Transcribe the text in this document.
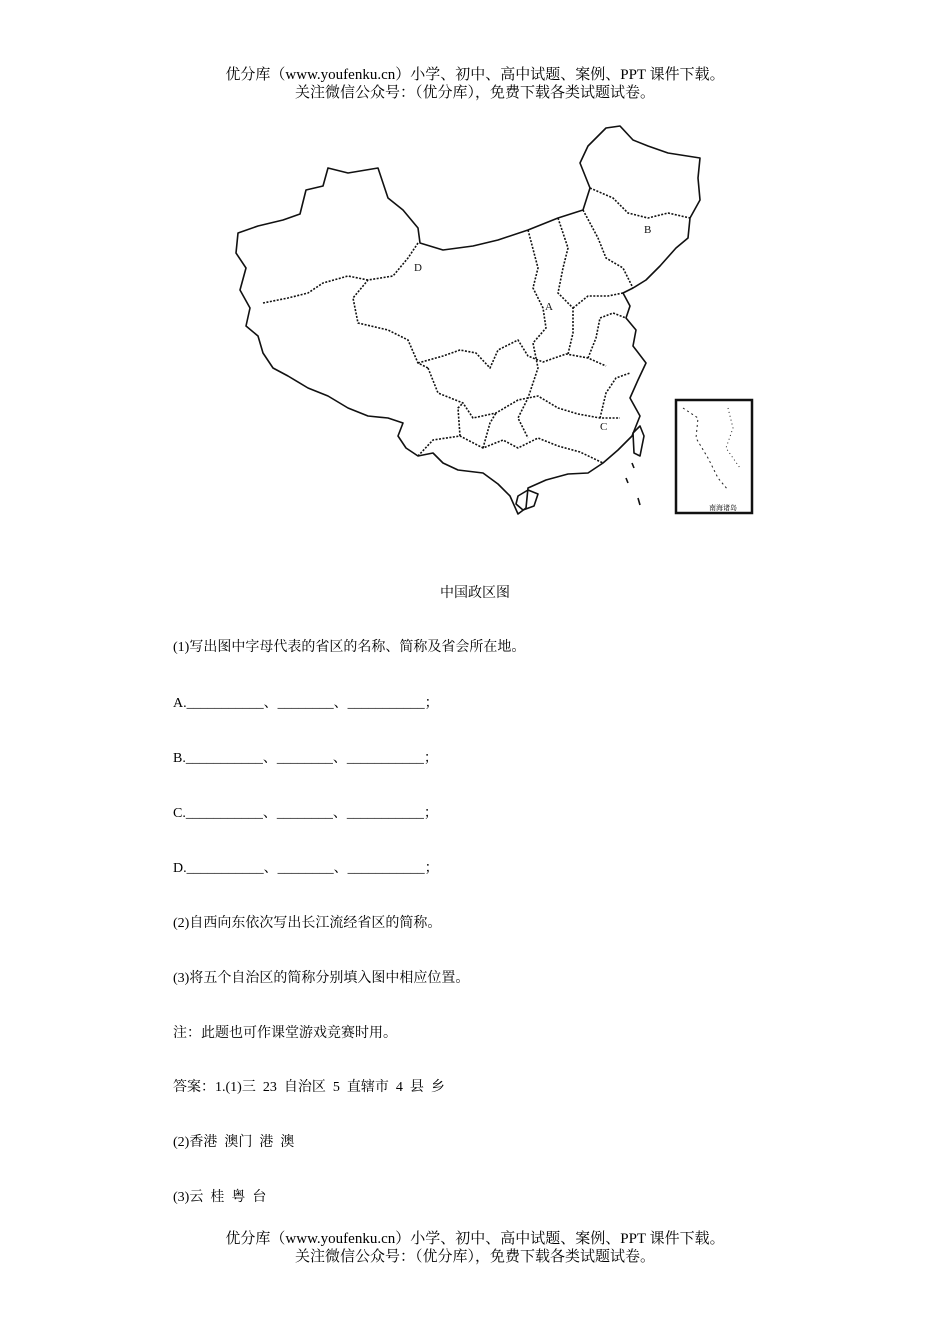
优分库（www.youfenku.cn）小学、初中、高中试题、案例、PPT 课件下载。
关注微信公众号：（优分库），免费下载各类试题试卷。
南海诸岛
A
B
C
D
中国政区图
(1)写出图中字母代表的省区的名称、简称及省会所在地。
A.___________、________、___________；
B.___________、________、___________；
C.___________、________、___________；
D.___________、________、___________；
(2)自西向东依次写出长江流经省区的简称。
(3)将五个自治区的简称分别填入图中相应位置。
注：此题也可作课堂游戏竞赛时用。
答案：1.(1)三  23  自治区  5  直辖市  4  县  乡
(2)香港  澳门  港  澳
(3)云  桂  粤  台
优分库（www.youfenku.cn）小学、初中、高中试题、案例、PPT 课件下载。
关注微信公众号：（优分库），免费下载各类试题试卷。
